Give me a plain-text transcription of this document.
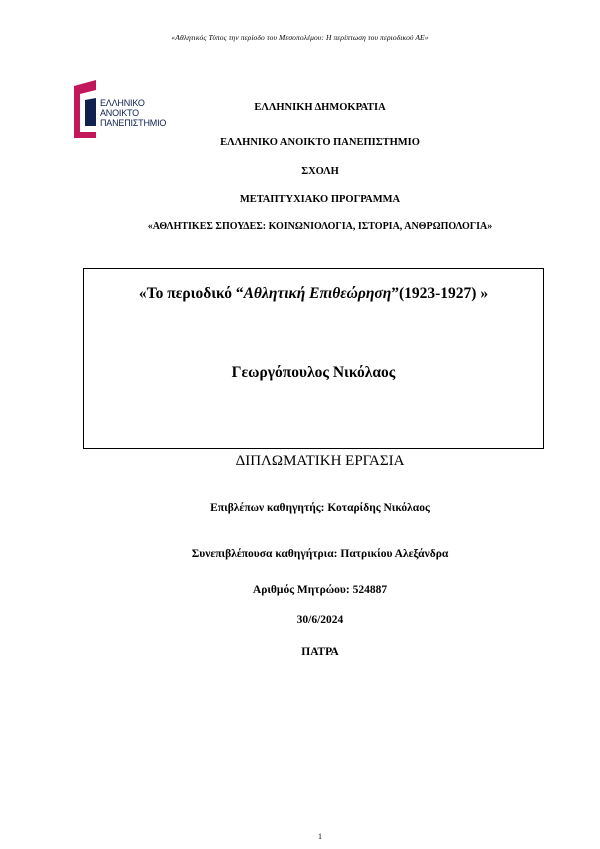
«Αθλητικός Τύπος την περίοδο του Μεσοπολέμου: Η περίπτωση του περιοδικού ΑΕ»
ΕΛΛΗΝΙΚΟ
ΑΝΟΙΚΤΟ
ΠΑΝΕΠΙΣΤΗΜΙΟ
ΕΛΛΗΝΙΚΗ ΔΗΜΟΚΡΑΤΙΑ
ΕΛΛΗΝΙΚΟ ΑΝΟΙΚΤΟ ΠΑΝΕΠΙΣΤΗΜΙΟ
ΣΧΟΛΗ
ΜΕΤΑΠΤΥΧΙΑΚΟ ΠΡΟΓΡΑΜΜΑ
«ΑΘΛΗΤΙΚΕΣ ΣΠΟΥΔΕΣ: ΚΟΙΝΩΝΙΟΛΟΓΙΑ, ΙΣΤΟΡΙΑ, ΑΝΘΡΩΠΟΛΟΓΙΑ»
«Το περιοδικό “Αθλητική Επιθεώρηση”(1923-1927) »
Γεωργόπουλος Νικόλαος
ΔΙΠΛΩΜΑΤΙΚΗ ΕΡΓΑΣΙΑ
Επιβλέπων καθηγητής: Κοταρίδης Νικόλαος
Συνεπιβλέπουσα καθηγήτρια: Πατρικίου Αλεξάνδρα
Αριθμός Μητρώου: 524887
30/6/2024
ΠΑΤΡΑ
1
